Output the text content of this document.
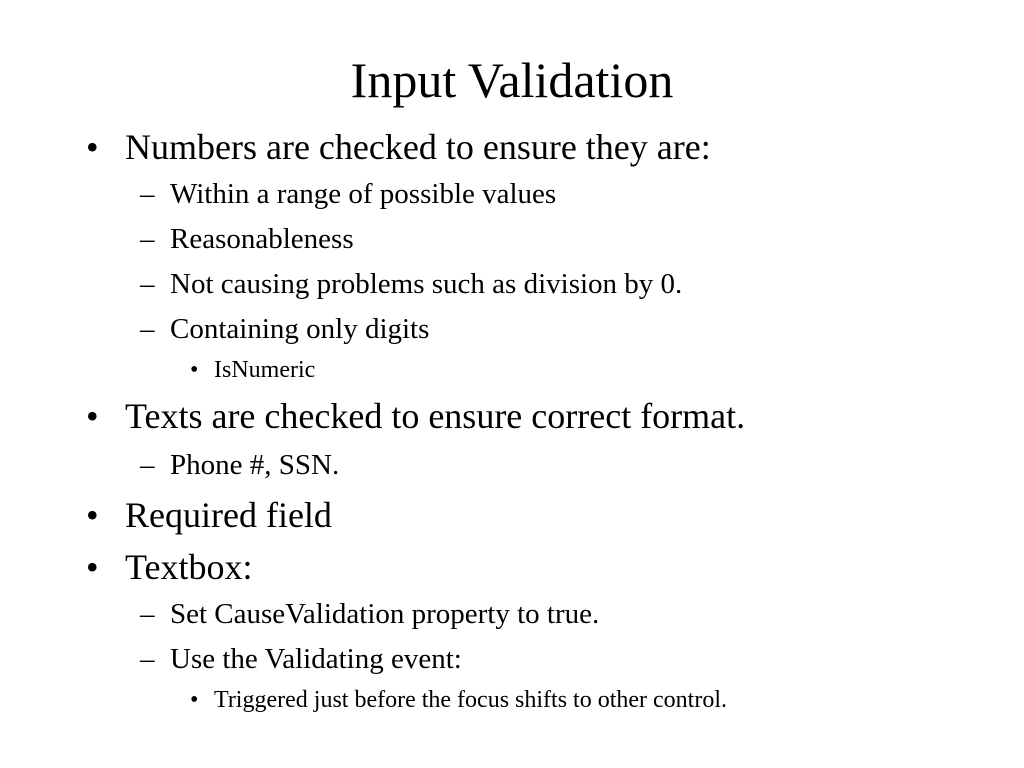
Input Validation
• Numbers are checked to ensure they are:
– Within a range of possible values
– Reasonableness
– Not causing problems such as division by 0.
– Containing only digits
• IsNumeric
• Texts are checked to ensure correct format.
– Phone #, SSN.
• Required field
• Textbox:
– Set CauseValidation property to true.
– Use the Validating event:
• Triggered just before the focus shifts to other control.
